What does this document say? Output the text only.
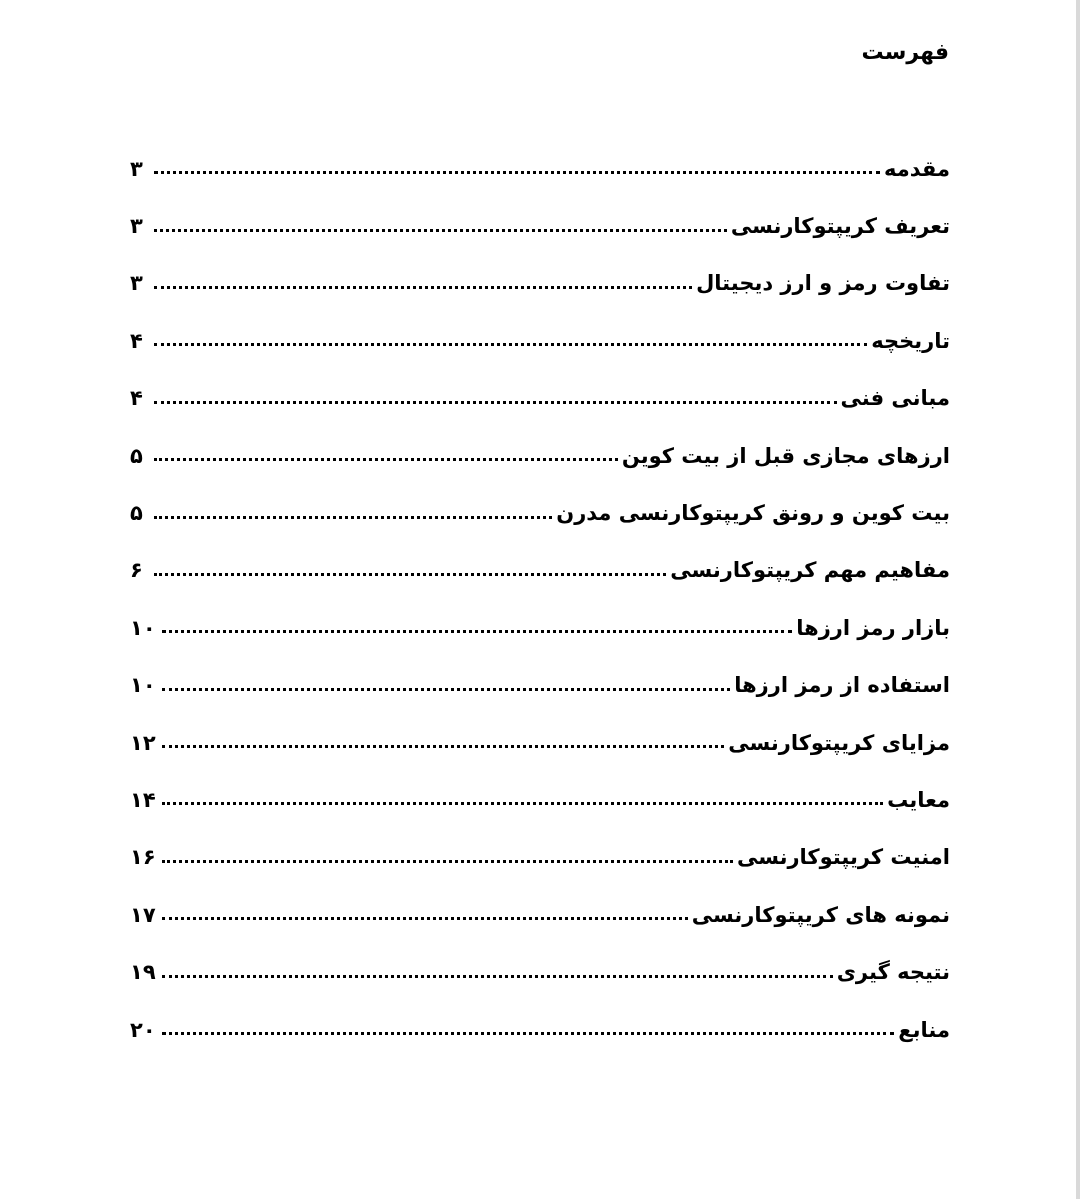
فهرست
مقدمه
۳
تعریف کریپتوکارنسی
۳
تفاوت رمز و ارز دیجیتال
۳
تاریخچه
۴
مبانی فنی
۴
ارزهای مجازی قبل از بیت کوین
۵
بیت کوین و رونق کریپتوکارنسی مدرن
۵
مفاهیم مهم کریپتوکارنسی
۶
بازار رمز ارزها
۱۰
استفاده از رمز ارزها
۱۰
مزایای کریپتوکارنسی
۱۲
معایب
۱۴
امنیت کریپتوکارنسی
۱۶
نمونه های کریپتوکارنسی
۱۷
نتیجه گیری
۱۹
منابع
۲۰
